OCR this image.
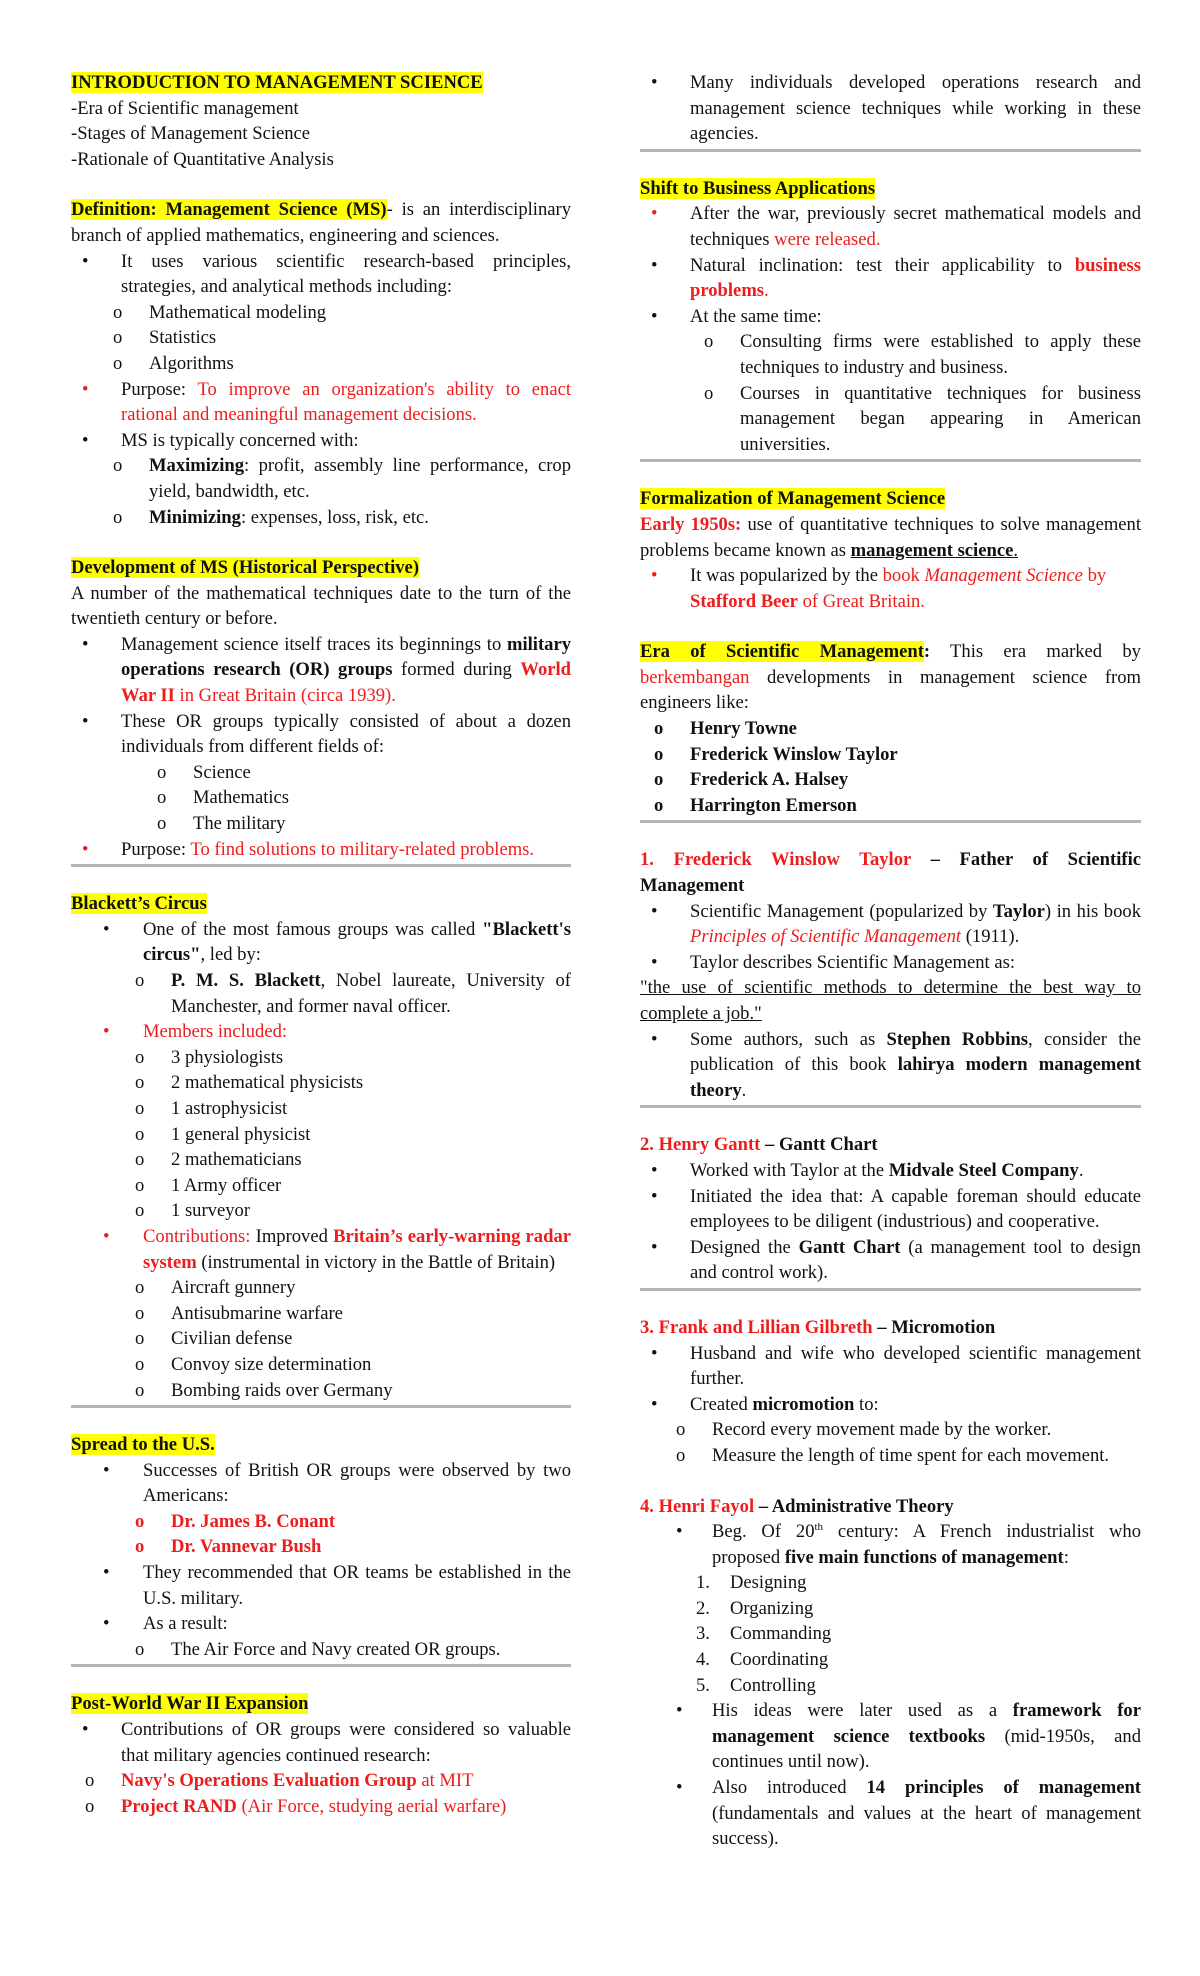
INTRODUCTION TO MANAGEMENT SCIENCE

-Era of Scientific management

-Stages of Management Science

-Rationale of Quantitative Analysis

Definition: Management Science (MS)- is an interdisciplinary branch of applied mathematics, engineering and sciences.

• It uses various scientific research-based principles, strategies, and analytical methods including:
o Mathematical modeling
o Statistics
o Algorithms
• Purpose: To improve an organization's ability to enact rational and meaningful management decisions.
• MS is typically concerned with:
o Maximizing: profit, assembly line performance, crop yield, bandwidth, etc.
o Minimizing: expenses, loss, risk, etc.

Development of MS (Historical Perspective)

A number of the mathematical techniques date to the turn of the twentieth century or before.

• Management science itself traces its beginnings to military operations research (OR) groups formed during World War II in Great Britain (circa 1939).
• These OR groups typically consisted of about a dozen individuals from different fields of:
o Science
o Mathematics
o The military
• Purpose: To find solutions to military-related problems.

Blackett’s Circus

• One of the most famous groups was called "Blackett's circus", led by:
o P. M. S. Blackett, Nobel laureate, University of Manchester, and former naval officer.
• Members included:
o 3 physiologists
o 2 mathematical physicists
o 1 astrophysicist
o 1 general physicist
o 2 mathematicians
o 1 Army officer
o 1 surveyor
• Contributions: Improved Britain’s early-warning radar system (instrumental in victory in the Battle of Britain)
o Aircraft gunnery
o Antisubmarine warfare
o Civilian defense
o Convoy size determination
o Bombing raids over Germany

Spread to the U.S.

• Successes of British OR groups were observed by two Americans:
o Dr. James B. Conant
o Dr. Vannevar Bush
• They recommended that OR teams be established in the U.S. military.
• As a result:
o The Air Force and Navy created OR groups.

Post-World War II Expansion

• Contributions of OR groups were considered so valuable that military agencies continued research:
o Navy's Operations Evaluation Group at MIT
o Project RAND (Air Force, studying aerial warfare)
• Many individuals developed operations research and management science techniques while working in these agencies.

Shift to Business Applications

• After the war, previously secret mathematical models and techniques were released.
• Natural inclination: test their applicability to business problems.
• At the same time:
o Consulting firms were established to apply these techniques to industry and business.
o Courses in quantitative techniques for business management began appearing in American universities.

Formalization of Management Science

Early 1950s: use of quantitative techniques to solve management problems became known as management science.

• It was popularized by the book Management Science by Stafford Beer of Great Britain.

Era of Scientific Management: This era marked by berkembangan developments in management science from engineers like:

o Henry Towne
o Frederick Winslow Taylor
o Frederick A. Halsey
o Harrington Emerson

1. Frederick Winslow Taylor – Father of Scientific Management

• Scientific Management (popularized by Taylor) in his book Principles of Scientific Management (1911).
• Taylor describes Scientific Management as:

"the use of scientific methods to determine the best way to complete a job."

• Some authors, such as Stephen Robbins, consider the publication of this book lahirya modern management theory.

2. Henry Gantt – Gantt Chart

• Worked with Taylor at the Midvale Steel Company.
• Initiated the idea that: A capable foreman should educate employees to be diligent (industrious) and cooperative.
• Designed the Gantt Chart (a management tool to design and control work).

3. Frank and Lillian Gilbreth – Micromotion

• Husband and wife who developed scientific management further.
• Created micromotion to:
o Record every movement made by the worker.
o Measure the length of time spent for each movement.

4. Henri Fayol – Administrative Theory

• Beg. Of 20th century: A French industrialist who proposed five main functions of management:
1. Designing
2. Organizing
3. Commanding
4. Coordinating
5. Controlling
• His ideas were later used as a framework for management science textbooks (mid-1950s, and continues until now).
• Also introduced 14 principles of management (fundamentals and values at the heart of management success).
